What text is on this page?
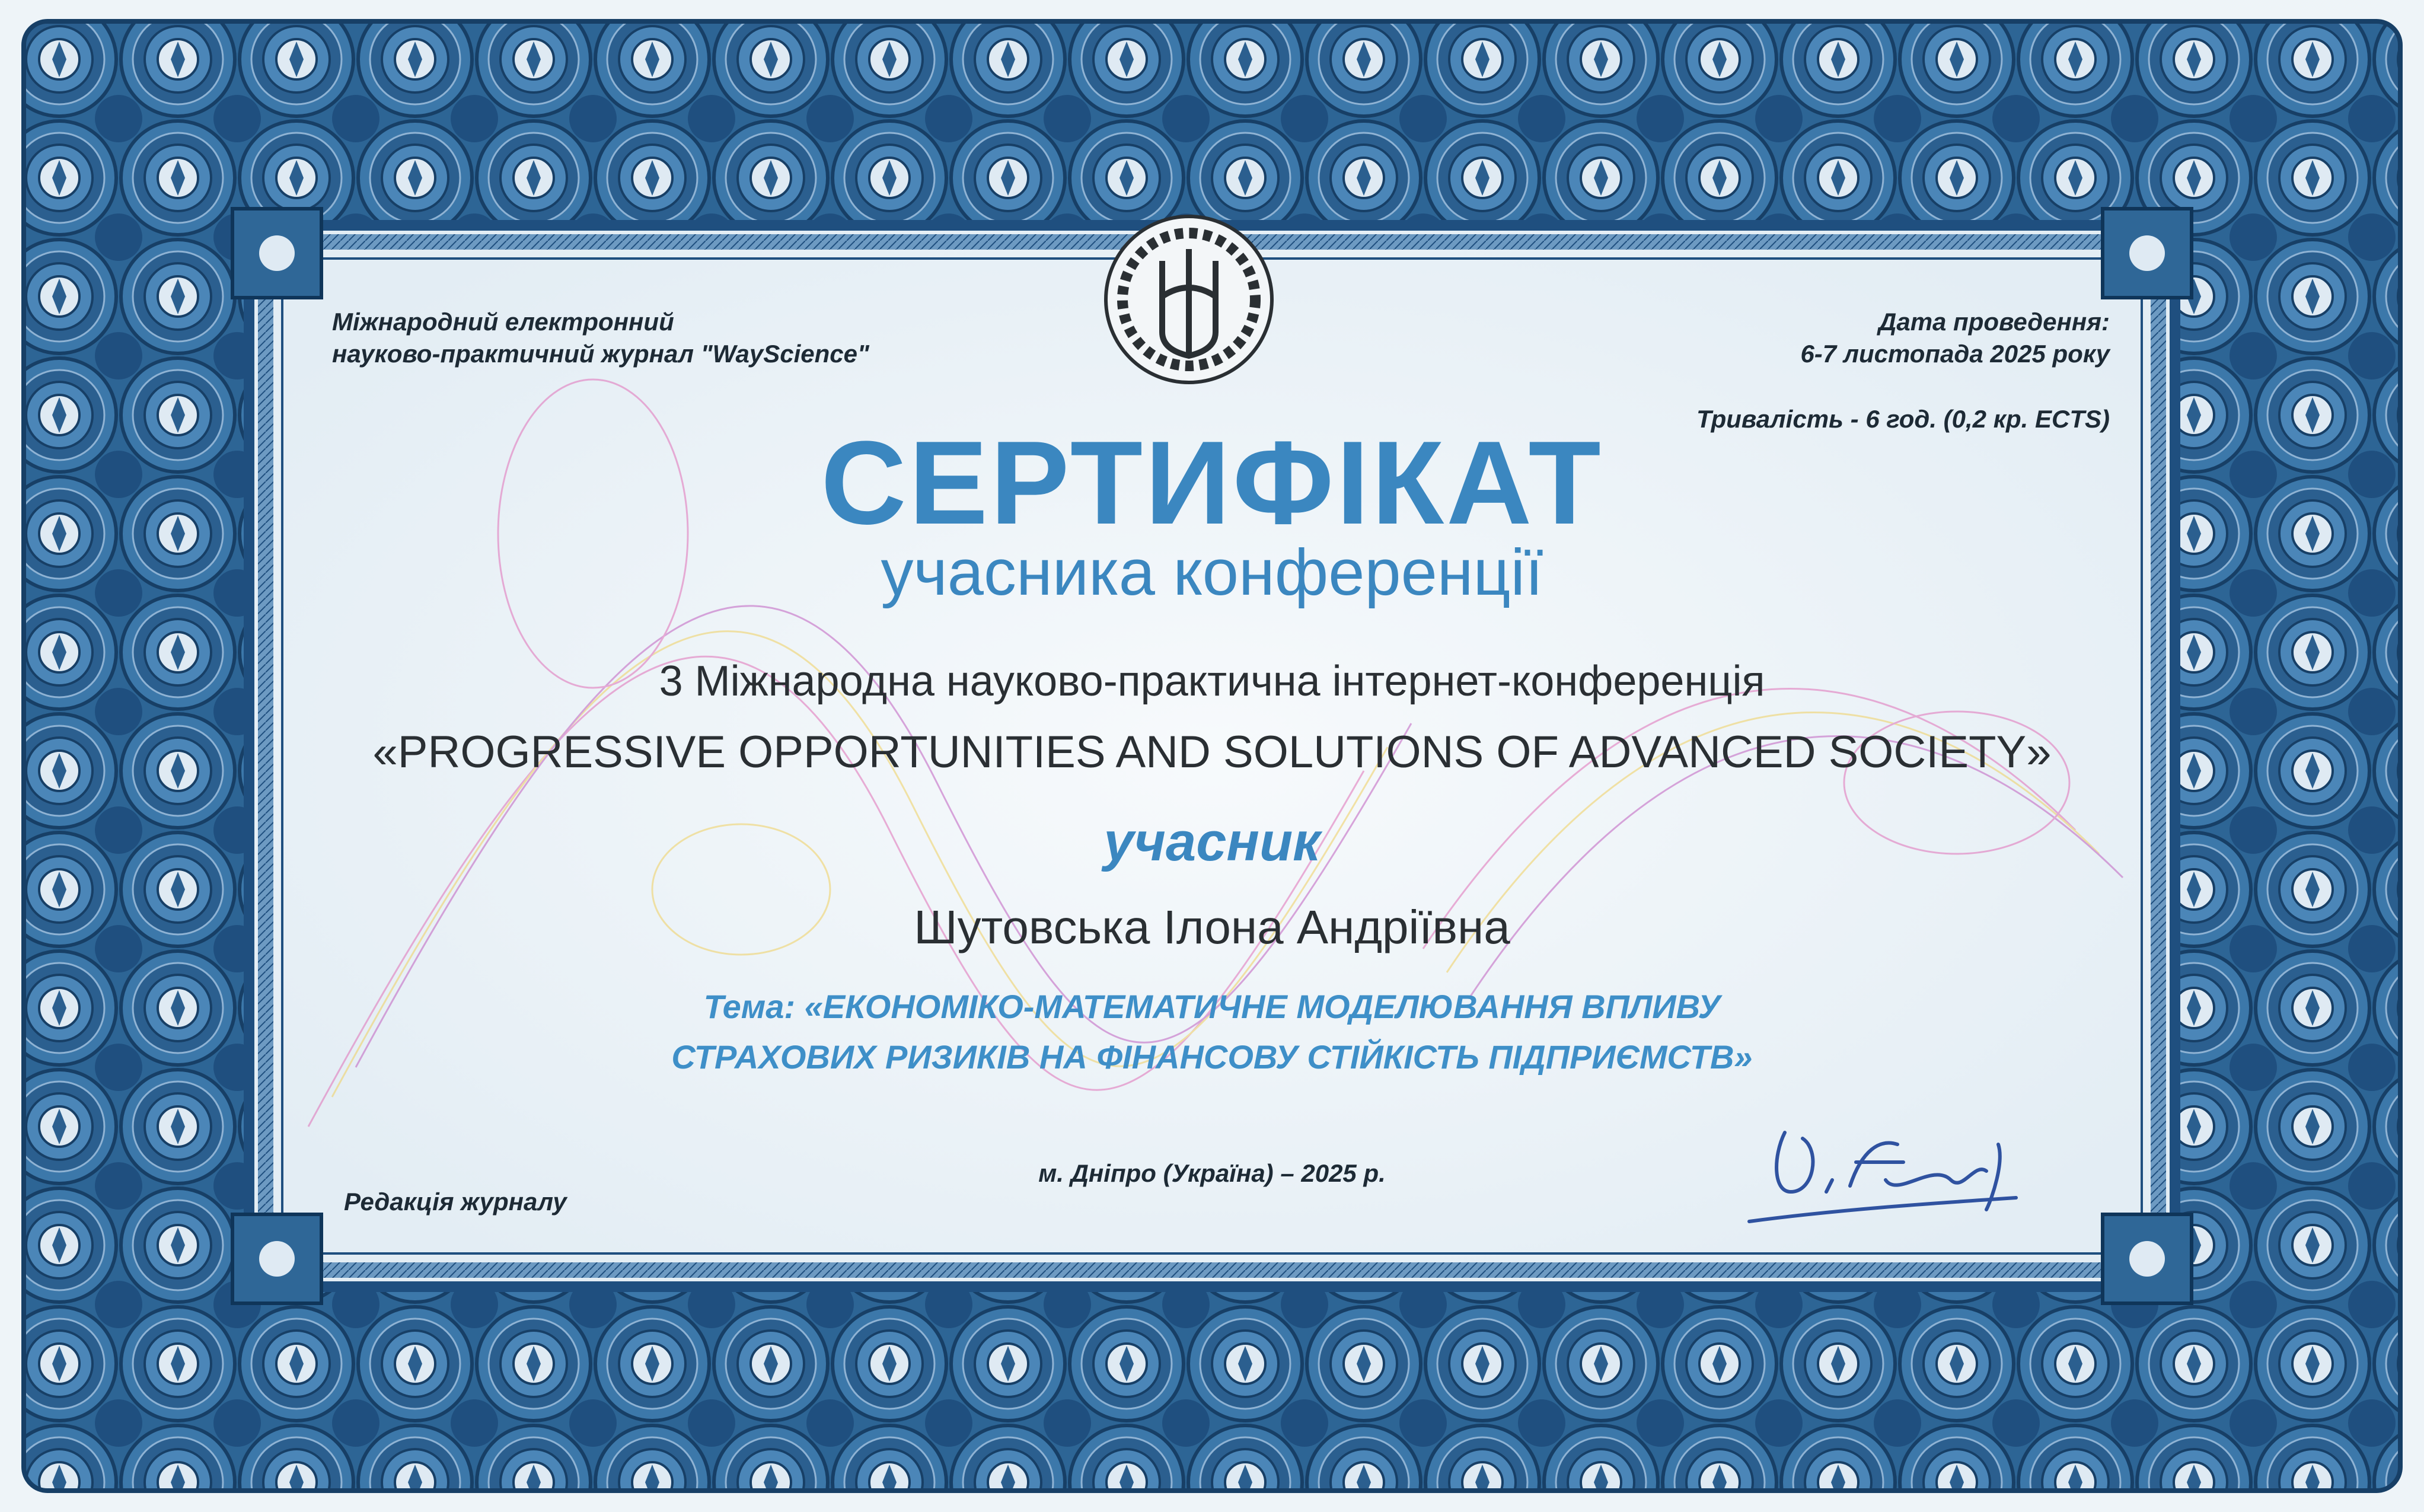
Міжнародний електронний
науково-практичний журнал "WayScience"
Дата проведення:
6-7 листопада 2025 року
Тривалість - 6 год. (0,2 кр. ECTS)
СЕРТИФІКАТ
учасника конференції
3 Міжнародна науково-практична інтернет-конференція
«PROGRESSIVE OPPORTUNITIES AND SOLUTIONS OF ADVANCED SOCIETY»
учасник
Шутовська Ілона Андріївна
Тема: «ЕКОНОМІКО-МАТЕМАТИЧНЕ МОДЕЛЮВАННЯ ВПЛИВУ
СТРАХОВИХ РИЗИКІВ НА ФІНАНСОВУ СТІЙКІСТЬ ПІДПРИЄМСТВ»
Редакція журналу
м. Дніпро (Україна) – 2025 р.
